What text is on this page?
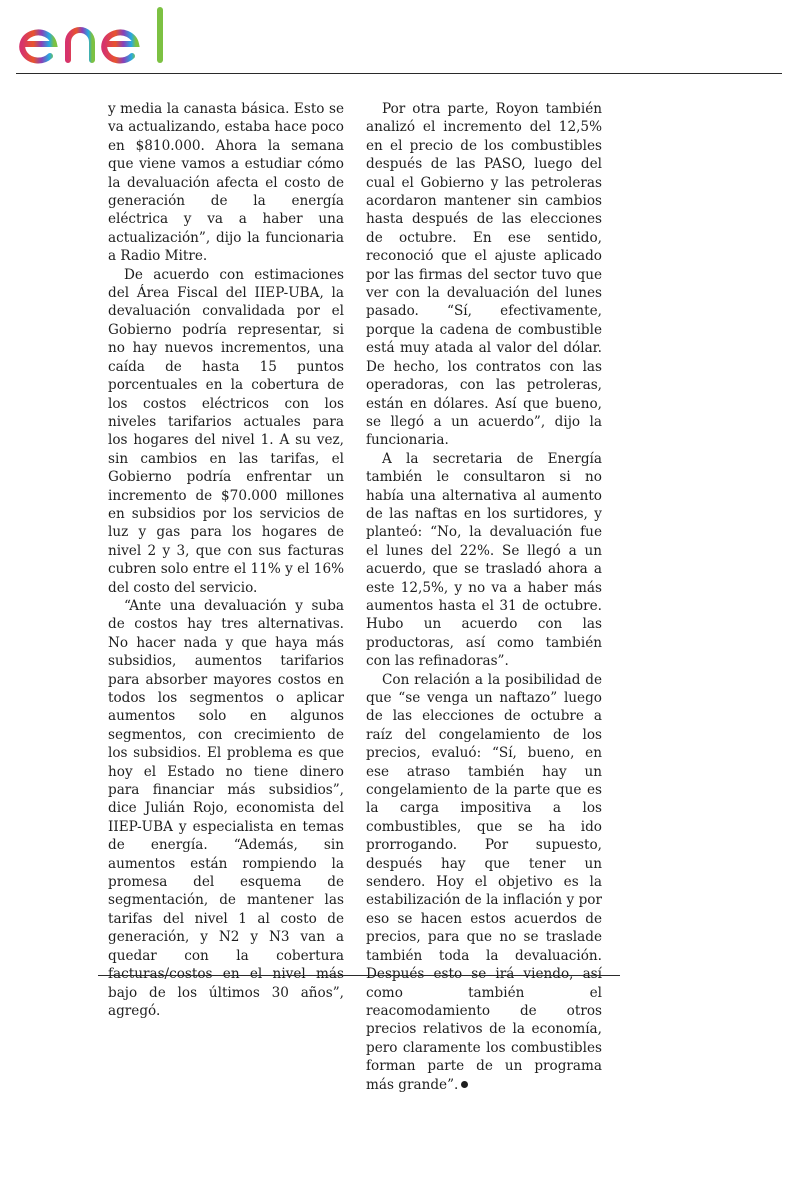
y media la canasta básica. Esto se va actualizando, estaba hace poco en $810.000. Ahora la semana que viene vamos a estudiar cómo la devaluación afecta el costo de generación de la energía eléctrica y va a haber una actualización”, dijo la funcionaria a Radio Mitre.

De acuerdo con estimaciones del Área Fiscal del IIEP-UBA, la devaluación convalidada por el Gobierno podría representar, si no hay nuevos incrementos, una caída de hasta 15 puntos porcentuales en la cobertura de los costos eléctricos con los niveles tarifarios actuales para los hogares del nivel 1. A su vez, sin cambios en las tarifas, el Gobierno podría enfrentar un incremento de $70.000 millones en subsidios por los servicios de luz y gas para los hogares de nivel 2 y 3, que con sus facturas cubren solo entre el 11% y el 16% del costo del servicio.

“Ante una devaluación y suba de costos hay tres alternativas. No hacer nada y que haya más subsidios, aumentos tarifarios para absorber mayores costos en todos los segmentos o aplicar aumentos solo en algunos segmentos, con crecimiento de los subsidios. El problema es que hoy el Estado no tiene dinero para financiar más subsidios”, dice Julián Rojo, economista del IIEP-UBA y especialista en temas de energía. “Además, sin aumentos están rompiendo la promesa del esquema de segmentación, de mantener las tarifas del nivel 1 al costo de generación, y N2 y N3 van a quedar con la cobertura facturas/costos en el nivel más bajo de los últimos 30 años”, agregó.

Por otra parte, Royon también analizó el incremento del 12,5% en el precio de los combustibles después de las PASO, luego del cual el Gobierno y las petroleras acordaron mantener sin cambios hasta después de las elecciones de octubre. En ese sentido, reconoció que el ajuste aplicado por las firmas del sector tuvo que ver con la devaluación del lunes pasado. “Sí, efectivamente, porque la cadena de combustible está muy atada al valor del dólar. De hecho, los contratos con las operadoras, con las petroleras, están en dólares. Así que bueno, se llegó a un acuerdo”, dijo la funcionaria.

A la secretaria de Energía también le consultaron si no había una alternativa al aumento de las naftas en los surtidores, y planteó: “No, la devaluación fue el lunes del 22%. Se llegó a un acuerdo, que se trasladó ahora a este 12,5%, y no va a haber más aumentos hasta el 31 de octubre. Hubo un acuerdo con las productoras, así como también con las refinadoras”.

Con relación a la posibilidad de que “se venga un naftazo” luego de las elecciones de octubre a raíz del congelamiento de los precios, evaluó: “Sí, bueno, en ese atraso también hay un congelamiento de la parte que es la carga impositiva a los combustibles, que se ha ido prorrogando. Por supuesto, después hay que tener un sendero. Hoy el objetivo es la estabilización de la inflación y por eso se hacen estos acuerdos de precios, para que no se traslade también toda la devaluación. Después esto se irá viendo, así como también el reacomodamiento de otros precios relativos de la economía, pero claramente los combustibles forman parte de un programa más grande”.
